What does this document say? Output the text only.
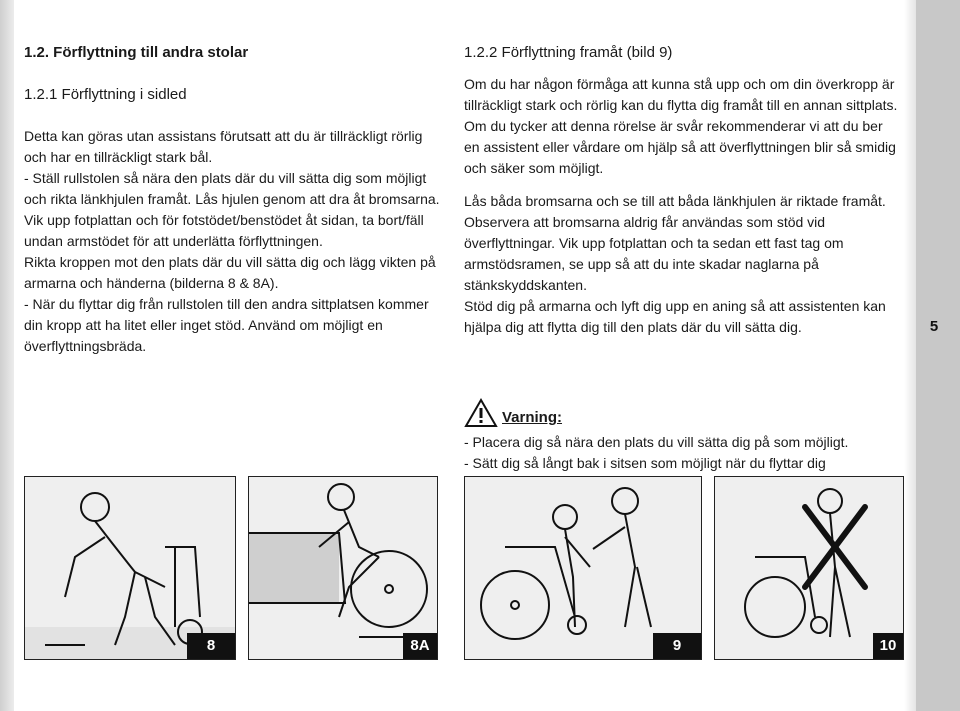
5
1.2. Förflyttning till andra stolar
1.2.1 Förflyttning i sidled

Detta kan göras utan assistans förutsatt att du är tillräckligt rörlig och har en tillräckligt stark bål.

- Ställ rullstolen så nära den plats där du vill sätta dig som möjligt och rikta länkhjulen framåt. Lås hjulen genom att dra åt bromsarna.

Vik upp fotplattan och för fotstödet/benstödet åt sidan, ta bort/fäll undan armstödet för att underlätta förflyttningen.

Rikta kroppen mot den plats där du vill sätta dig och lägg vikten på armarna och händerna (bilderna 8 & 8A).

- När du flyttar dig från rullstolen till den andra sittplatsen kommer din kropp att ha litet eller inget stöd. Använd om möjligt en överflyttningsbräda.

1.2.2 Förflyttning framåt (bild 9)

Om du har någon förmåga att kunna stå upp och om din överkropp är tillräckligt stark och rörlig kan du flytta dig framåt till en annan sittplats.

Om du tycker att denna rörelse är svår rekommenderar vi att du ber en assistent eller vårdare om hjälp så att överflyttningen blir så smidig och säker som möjligt.

Lås båda bromsarna och se till att båda länkhjulen är riktade framåt.

Observera att bromsarna aldrig får användas som stöd vid överflyttningar. Vik upp fotplattan och ta sedan ett fast tag om armstödsramen, se upp så att du inte skadar naglarna på stänkskyddskanten.

Stöd dig på armarna och lyft dig upp en aning så att assistenten kan hjälpa dig att flytta dig till den plats där du vill sätta dig.

Varning:

- Placera dig så nära den plats du vill sätta dig på som möjligt.

- Sätt dig så långt bak i sitsen som möjligt när du flyttar dig

8	8A	9	10
